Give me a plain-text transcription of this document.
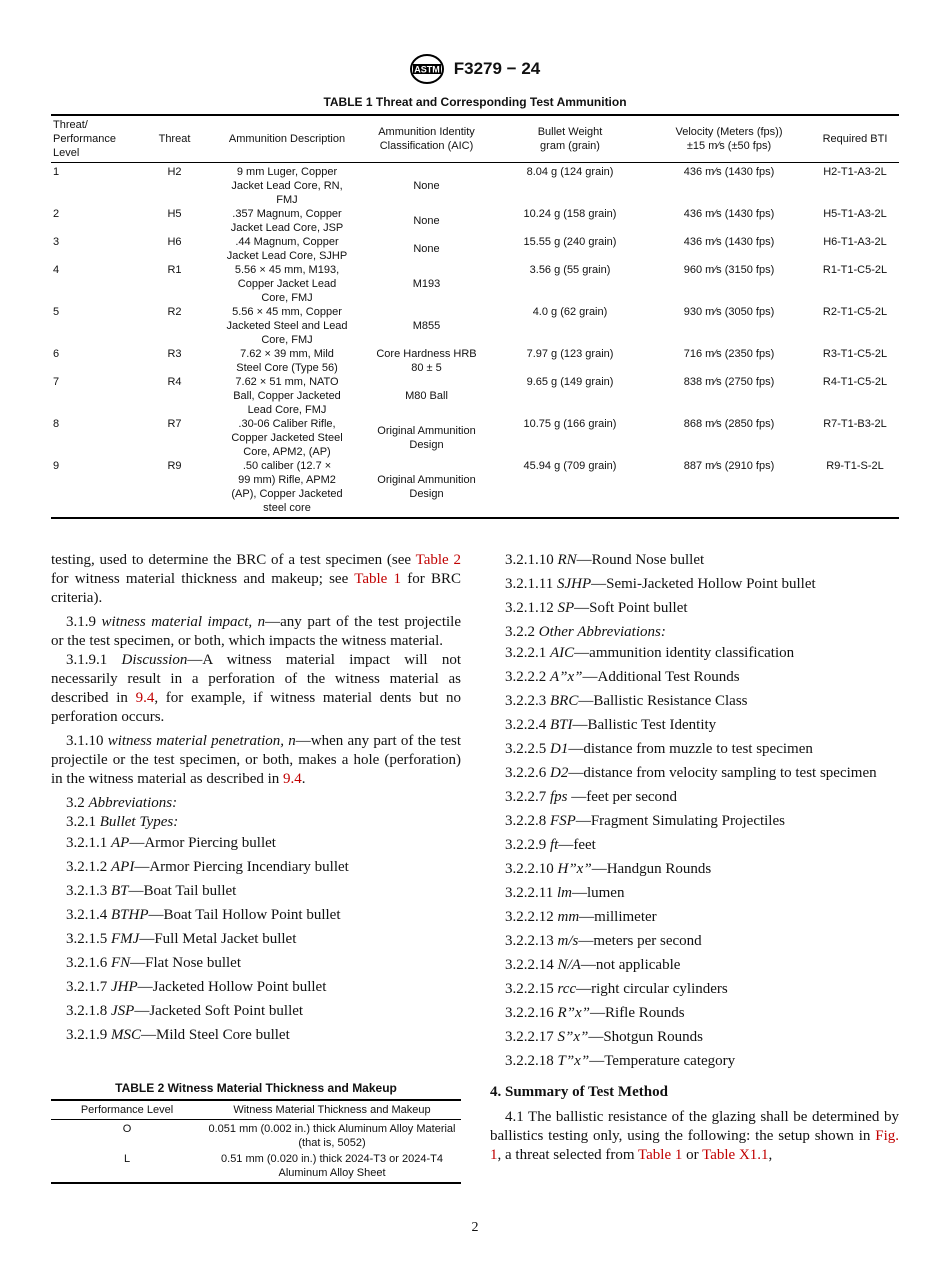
ASTM F3279 − 24
TABLE 1 Threat and Corresponding Test Ammunition
Threat/
Performance
Level	Threat	Ammunition Description	Ammunition Identity
Classification (AIC)	Bullet Weight
gram (grain)	Velocity (Meters (fps))
±15 m⁄s (±50 fps)	Required BTI
1	H2	9 mm Luger, Copper
Jacket Lead Core, RN,
FMJ	None	8.04 g (124 grain)	436 m⁄s (1430 fps)	H2-T1-A3-2L
2	H5	.357 Magnum, Copper
Jacket Lead Core, JSP	None	10.24 g (158 grain)	436 m⁄s (1430 fps)	H5-T1-A3-2L
3	H6	.44 Magnum, Copper
Jacket Lead Core, SJHP	None	15.55 g (240 grain)	436 m⁄s (1430 fps)	H6-T1-A3-2L
4	R1	5.56 × 45 mm, M193,
Copper Jacket Lead
Core, FMJ	M193	3.56 g (55 grain)	960 m⁄s (3150 fps)	R1-T1-C5-2L
5	R2	5.56 × 45 mm, Copper
Jacketed Steel and Lead
Core, FMJ	M855	4.0 g (62 grain)	930 m⁄s (3050 fps)	R2-T1-C5-2L
6	R3	7.62 × 39 mm, Mild
Steel Core (Type 56)	Core Hardness HRB
80 ± 5	7.97 g (123 grain)	716 m⁄s (2350 fps)	R3-T1-C5-2L
7	R4	7.62 × 51 mm, NATO
Ball, Copper Jacketed
Lead Core, FMJ	M80 Ball	9.65 g (149 grain)	838 m⁄s (2750 fps)	R4-T1-C5-2L
8	R7	.30-06 Caliber Rifle,
Copper Jacketed Steel
Core, APM2, (AP)	Original Ammunition
Design	10.75 g (166 grain)	868 m⁄s (2850 fps)	R7-T1-B3-2L
9	R9	.50 caliber (12.7 ×
99 mm) Rifle, APM2
(AP), Copper Jacketed
steel core	Original Ammunition
Design	45.94 g (709 grain)	887 m⁄s (2910 fps)	R9-T1-S-2L

testing, used to determine the BRC of a test specimen (see Table 2 for witness material thickness and makeup; see Table 1 for BRC criteria).

3.1.9 witness material impact, n—any part of the test projectile or the test specimen, or both, which impacts the witness material.

3.1.9.1 Discussion—A witness material impact will not necessarily result in a perforation of the witness material as described in 9.4, for example, if witness material dents but no perforation occurs.

3.1.10 witness material penetration, n—when any part of the test projectile or the test specimen, or both, makes a hole (perforation) in the witness material as described in 9.4.

3.2 Abbreviations:

3.2.1 Bullet Types:

3.2.1.1 AP—Armor Piercing bullet

3.2.1.2 API—Armor Piercing Incendiary bullet

3.2.1.3 BT—Boat Tail bullet

3.2.1.4 BTHP—Boat Tail Hollow Point bullet

3.2.1.5 FMJ—Full Metal Jacket bullet

3.2.1.6 FN—Flat Nose bullet

3.2.1.7 JHP—Jacketed Hollow Point bullet

3.2.1.8 JSP—Jacketed Soft Point bullet

3.2.1.9 MSC—Mild Steel Core bullet

TABLE 2 Witness Material Thickness and Makeup
Performance Level	Witness Material Thickness and Makeup
O	0.051 mm (0.002 in.) thick Aluminum Alloy Material
(that is, 5052)
L	0.51 mm (0.020 in.) thick 2024-T3 or 2024-T4
Aluminum Alloy Sheet

3.2.1.10 RN—Round Nose bullet

3.2.1.11 SJHP—Semi-Jacketed Hollow Point bullet

3.2.1.12 SP—Soft Point bullet

3.2.2 Other Abbreviations:

3.2.2.1 AIC—ammunition identity classification

3.2.2.2 A”x”—Additional Test Rounds

3.2.2.3 BRC—Ballistic Resistance Class

3.2.2.4 BTI—Ballistic Test Identity

3.2.2.5 D1—distance from muzzle to test specimen

3.2.2.6 D2—distance from velocity sampling to test specimen

3.2.2.7 fps —feet per second

3.2.2.8 FSP—Fragment Simulating Projectiles

3.2.2.9 ft—feet

3.2.2.10 H”x”—Handgun Rounds

3.2.2.11 lm—lumen

3.2.2.12 mm—millimeter

3.2.2.13 m/s—meters per second

3.2.2.14 N/A—not applicable

3.2.2.15 rcc—right circular cylinders

3.2.2.16 R”x”—Rifle Rounds

3.2.2.17 S”x”—Shotgun Rounds

3.2.2.18 T”x”—Temperature category

4. Summary of Test Method

4.1 The ballistic resistance of the glazing shall be determined by ballistics testing only, using the following: the setup shown in Fig. 1, a threat selected from Table 1 or Table X1.1,

2
